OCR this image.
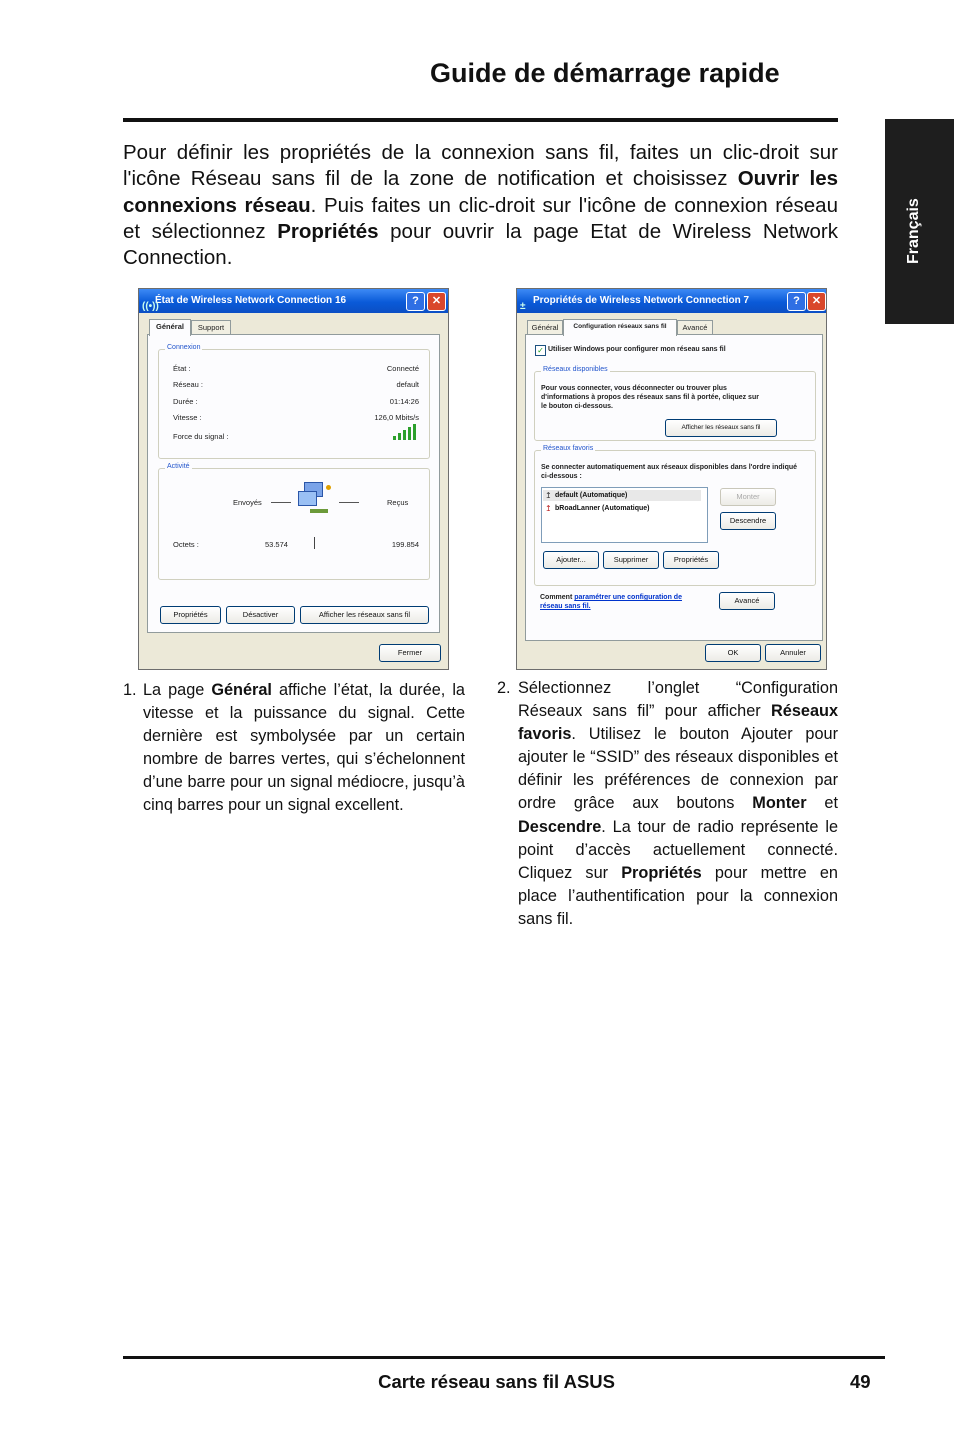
Guide de démarrage rapide
Français
Pour définir les propriétés de la connexion sans fil, faites un clic-droit sur l'icône Réseau sans fil de la zone de notification et choisissez Ouvrir les connexions réseau. Puis faites un clic-droit sur l'icône de connexion réseau et sélectionnez Propriétés pour ouvrir la page Etat de Wireless Network Connection.
((•))
État de Wireless Network Connection 16	?	✕
Général	Support
Connexion
État :	Connecté
Réseau :	default
Durée :	01:14:26
Vitesse :	126,0 Mbits/s
Force du signal :
Activité
Envoyés	Reçus
Octets :	53.574	199.854
Propriétés	Désactiver	Afficher les réseaux sans fil
Fermer
±
Propriétés de Wireless Network Connection 7	?	✕
Général	Configuration réseaux sans fil	Avancé
✓ Utiliser Windows pour configurer mon réseau sans fil
Réseaux disponibles
Pour vous connecter, vous déconnecter ou trouver plus d'informations à propos des réseaux sans fil à portée, cliquez sur le bouton ci-dessous.
Afficher les réseaux sans fil
Réseaux favoris
Se connecter automatiquement aux réseaux disponibles dans l'ordre indiqué ci-dessous :
↥ default (Automatique)
↥ bRoadLanner (Automatique)
Monter
Descendre
Ajouter...	Supprimer	Propriétés
Comment paramétrer une configuration de réseau sans fil.
Avancé
OK	Annuler
1. La page Général affiche l’état, la durée, la vitesse et la puissance du signal. Cette dernière est symbolysée par un certain nombre de barres vertes, qui s’échelonnent d’une barre pour un signal médiocre, jusqu’à cinq barres pour un signal excellent.
2. Sélectionnez l’onglet “Configuration Réseaux sans fil” pour afficher Réseaux favoris. Utilisez le bouton Ajouter pour ajouter le “SSID” des réseaux disponibles et définir les préférences de connexion par ordre grâce aux boutons Monter et Descendre. La tour de radio représente le point d’accès actuellement connecté. Cliquez sur Propriétés pour mettre en place l’authentification pour la connexion sans fil.
Carte réseau sans fil ASUS	49
